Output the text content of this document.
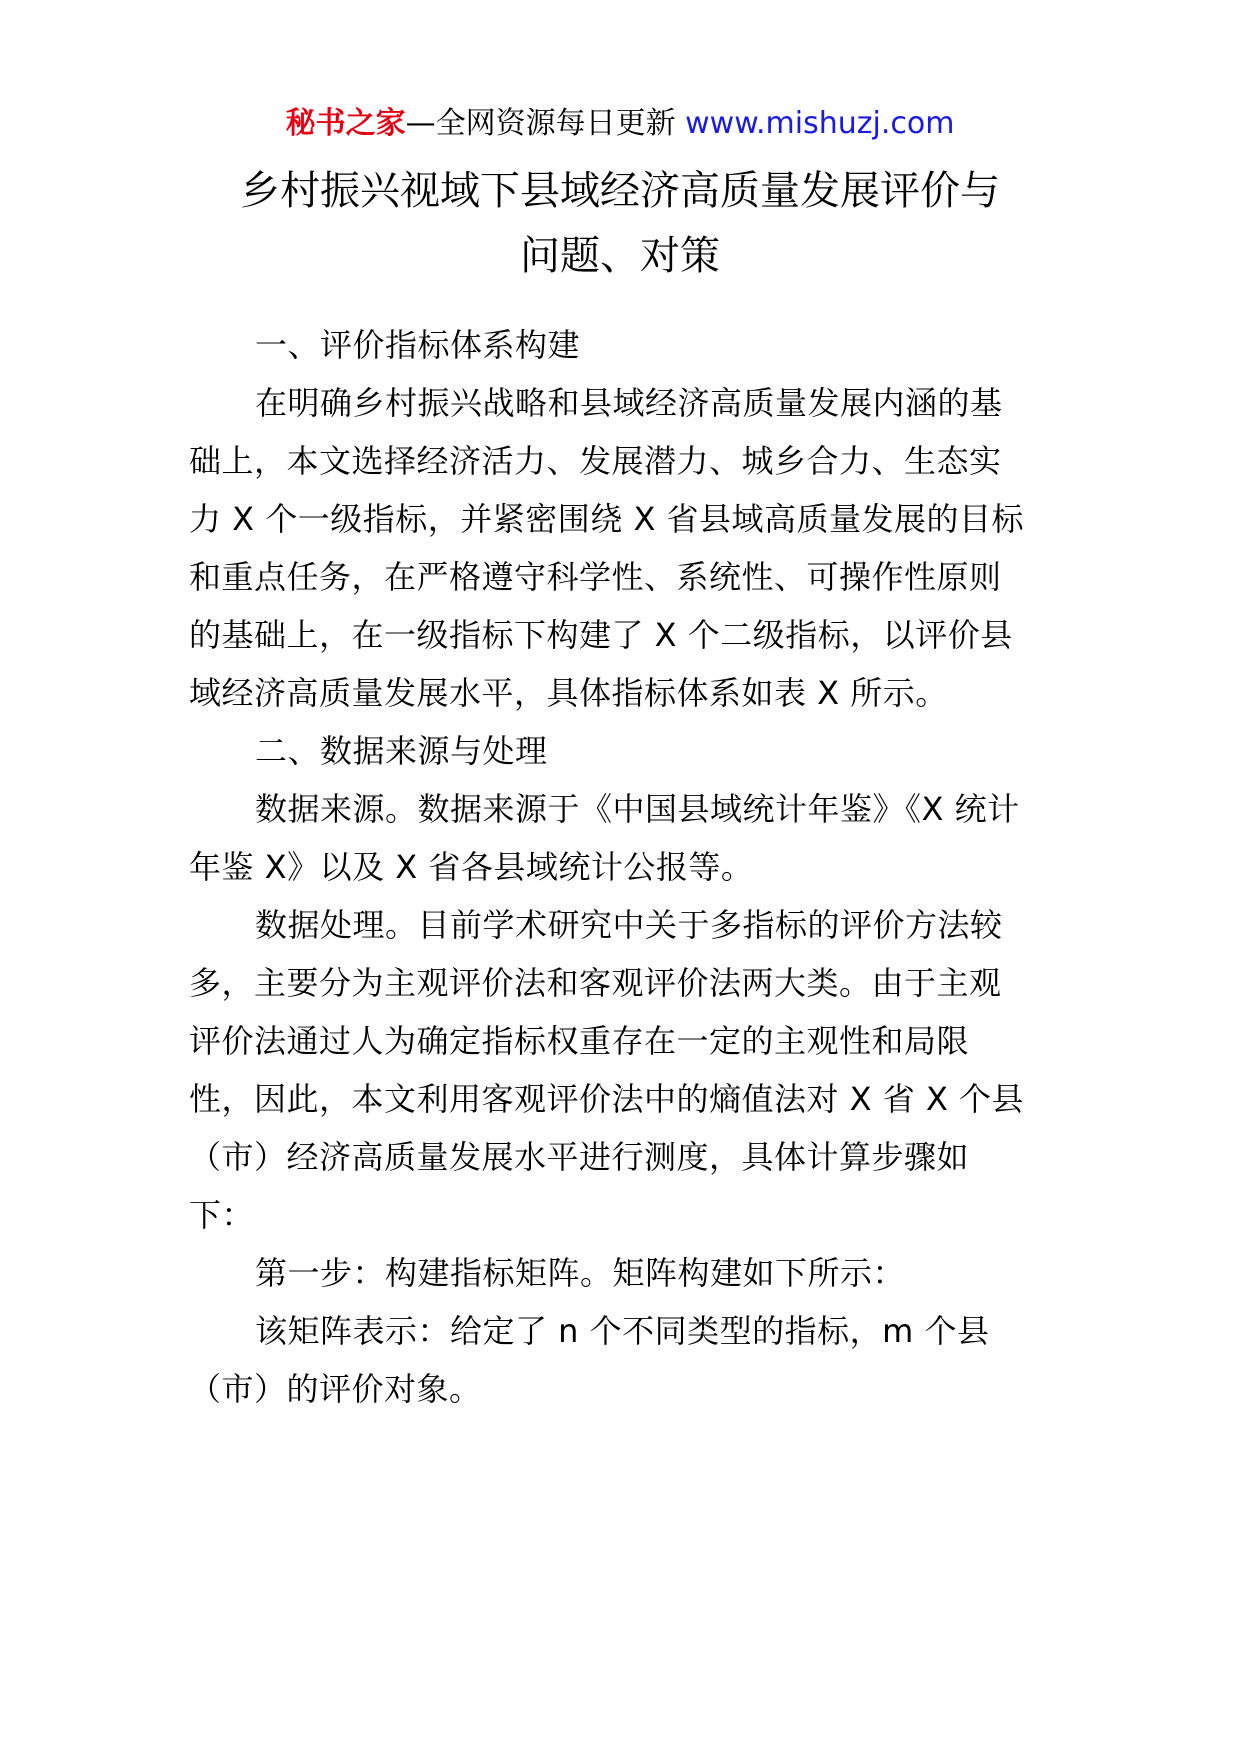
秘书之家—全网资源每日更新 www.mishuzj.com
乡村振兴视域下县域经济高质量发展评价与
问题、对策
一、评价指标体系构建
在明确乡村振兴战略和县域经济高质量发展内涵的基
础上，本文选择经济活力、发展潜力、城乡合力、生态实
力 X 个一级指标，并紧密围绕 X 省县域高质量发展的目标
和重点任务，在严格遵守科学性、系统性、可操作性原则
的基础上，在一级指标下构建了 X 个二级指标，以评价县
域经济高质量发展水平，具体指标体系如表 X 所示。
二、数据来源与处理
数据来源。数据来源于《中国县域统计年鉴》《X 统计
年鉴 X》以及 X 省各县域统计公报等。
数据处理。目前学术研究中关于多指标的评价方法较
多，主要分为主观评价法和客观评价法两大类。由于主观
评价法通过人为确定指标权重存在一定的主观性和局限
性，因此，本文利用客观评价法中的熵值法对 X 省 X 个县
（市）经济高质量发展水平进行测度，具体计算步骤如
下：
第一步：构建指标矩阵。矩阵构建如下所示：
该矩阵表示：给定了 n 个不同类型的指标，m 个县
（市）的评价对象。
